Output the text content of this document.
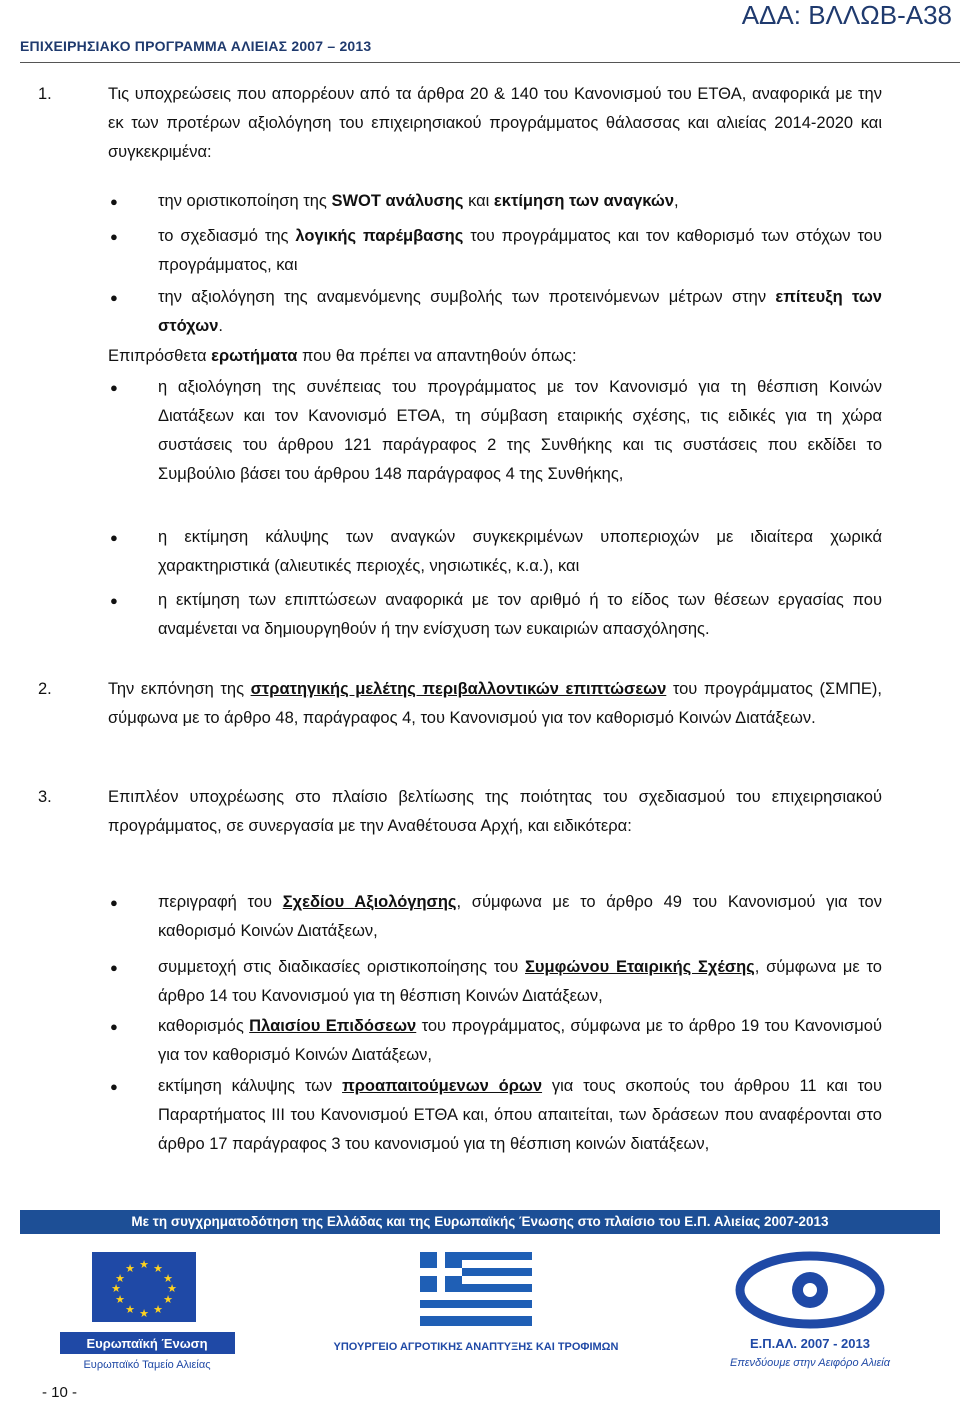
ΑΔΑ: ΒΛΛΩΒ-Α38
ΕΠΙΧΕΙΡΗΣΙΑΚΟ ΠΡΟΓΡΑΜΜΑ ΑΛΙΕΙΑΣ 2007 – 2013
1.	Τις υποχρεώσεις που απορρέουν από τα άρθρα 20 & 140 του Κανονισμού του ΕΤΘΑ, αναφορικά με την εκ των προτέρων αξιολόγηση του επιχειρησιακού προγράμματος θάλασσας και αλιείας 2014-2020 και συγκεκριμένα:
● την οριστικοποίηση της SWOT ανάλυσης και εκτίμηση των αναγκών,
● το σχεδιασμό της λογικής παρέμβασης του προγράμματος και τον καθορισμό των στόχων του προγράμματος, και
● την αξιολόγηση της αναμενόμενης συμβολής των προτεινόμενων μέτρων στην επίτευξη των στόχων.
Επιπρόσθετα ερωτήματα που θα πρέπει να απαντηθούν όπως:
● η αξιολόγηση της συνέπειας του προγράμματος με τον Κανονισμό για τη θέσπιση Κοινών Διατάξεων και τον Κανονισμό ΕΤΘΑ, τη σύμβαση εταιρικής σχέσης, τις ειδικές για τη χώρα συστάσεις του άρθρου 121 παράγραφος 2 της Συνθήκης και τις συστάσεις που εκδίδει το Συμβούλιο βάσει του άρθρου 148 παράγραφος 4 της Συνθήκης,
● η εκτίμηση κάλυψης των αναγκών συγκεκριμένων υποπεριοχών με ιδιαίτερα χωρικά χαρακτηριστικά (αλιευτικές περιοχές, νησιωτικές, κ.α.), και
● η εκτίμηση των επιπτώσεων αναφορικά με τον αριθμό ή το είδος των θέσεων εργασίας που αναμένεται να δημιουργηθούν ή την ενίσχυση των ευκαιριών απασχόλησης.
2.	Την εκπόνηση της στρατηγικής μελέτης περιβαλλοντικών επιπτώσεων του προγράμματος (ΣΜΠΕ), σύμφωνα με το άρθρο 48, παράγραφος 4, του Κανονισμού για τον καθορισμό Κοινών Διατάξεων.
3.	Επιπλέον υποχρέωσης στο πλαίσιο βελτίωσης της ποιότητας του σχεδιασμού του επιχειρησιακού προγράμματος, σε συνεργασία με την Αναθέτουσα Αρχή, και ειδικότερα:
● περιγραφή του Σχεδίου Αξιολόγησης, σύμφωνα με το άρθρο 49 του Κανονισμού για τον καθορισμό Κοινών Διατάξεων,
● συμμετοχή στις διαδικασίες οριστικοποίησης του Συμφώνου Εταιρικής Σχέσης, σύμφωνα με το άρθρο 14 του Κανονισμού για τη θέσπιση Κοινών Διατάξεων,
● καθορισμός Πλαισίου Επιδόσεων του προγράμματος, σύμφωνα με το άρθρο 19 του Κανονισμού για τον καθορισμό Κοινών Διατάξεων,
● εκτίμηση κάλυψης των προαπαιτούμενων όρων για τους σκοπούς του άρθρου 11 και του Παραρτήματος ΙΙΙ του Κανονισμού ΕΤΘΑ και, όπου απαιτείται, των δράσεων που αναφέρονται στο άρθρο 17 παράγραφος 3 του κανονισμού για τη θέσπιση κοινών διατάξεων,
Με τη συγχρηματοδότηση της Ελλάδας και της Ευρωπαϊκής Ένωσης στο πλαίσιο του Ε.Π. Αλιείας 2007-2013
★ ★
★
★
★
★
★
★
★
★
★
★
Ευρωπαϊκή Ένωση
Ευρωπαϊκό Ταμείο Αλιείας
ΥΠΟΥΡΓΕΙΟ ΑΓΡΟΤΙΚΗΣ ΑΝΑΠΤΥΞΗΣ ΚΑΙ ΤΡΟΦΙΜΩΝ	Ε.Π.ΑΛ. 2007 - 2013
Επενδύουμε στην Αειφόρο Αλιεία
- 10 -
